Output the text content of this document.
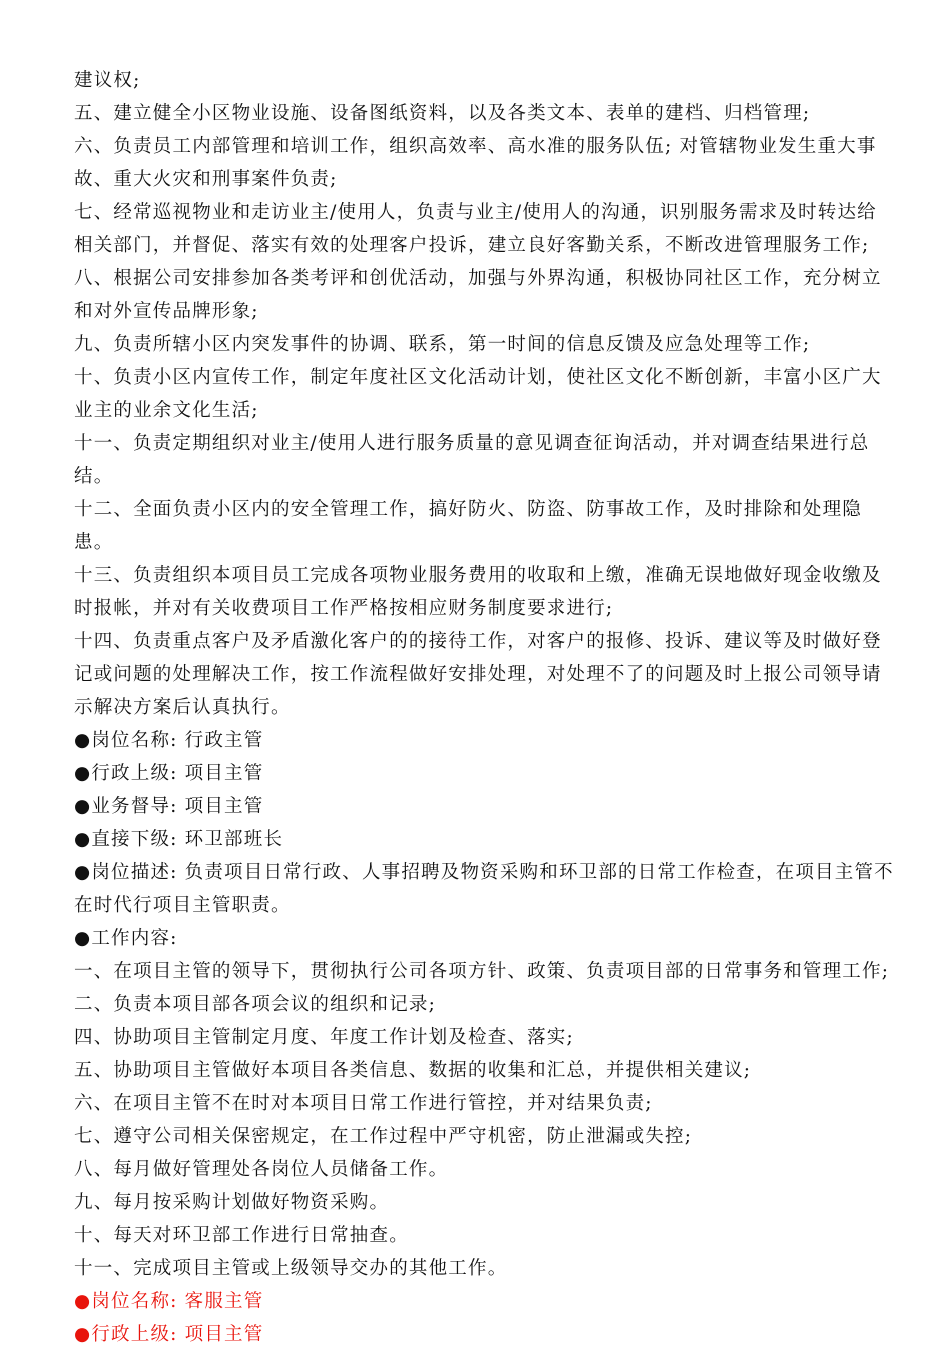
建议权;

五、建立健全小区物业设施、设备图纸资料，以及各类文本、表单的建档、归档管理;

六、负责员工内部管理和培训工作，组织高效率、高水准的服务队伍; 对管辖物业发生重大事故、重大火灾和刑事案件负责;

七、经常巡视物业和走访业主/使用人，负责与业主/使用人的沟通，识别服务需求及时转达给相关部门，并督促、落实有效的处理客户投诉，建立良好客勤关系，不断改进管理服务工作;

八、根据公司安排参加各类考评和创优活动，加强与外界沟通，积极协同社区工作，充分树立和对外宣传品牌形象;

九、负责所辖小区内突发事件的协调、联系，第一时间的信息反馈及应急处理等工作;

十、负责小区内宣传工作，制定年度社区文化活动计划，使社区文化不断创新，丰富小区广大业主的业余文化生活;

十一、负责定期组织对业主/使用人进行服务质量的意见调查征询活动，并对调查结果进行总结。

十二、全面负责小区内的安全管理工作，搞好防火、防盗、防事故工作，及时排除和处理隐患。

十三、负责组织本项目员工完成各项物业服务费用的收取和上缴，准确无误地做好现金收缴及时报帐，并对有关收费项目工作严格按相应财务制度要求进行;

十四、负责重点客户及矛盾激化客户的的接待工作，对客户的报修、投诉、建议等及时做好登记或问题的处理解决工作，按工作流程做好安排处理，对处理不了的问题及时上报公司领导请示解决方案后认真执行。

●岗位名称: 行政主管

●行政上级: 项目主管

●业务督导: 项目主管

●直接下级: 环卫部班长

●岗位描述: 负责项目日常行政、人事招聘及物资采购和环卫部的日常工作检查，在项目主管不在时代行项目主管职责。

●工作内容:

一、在项目主管的领导下，贯彻执行公司各项方针、政策、负责项目部的日常事务和管理工作;

二、负责本项目部各项会议的组织和记录;

四、协助项目主管制定月度、年度工作计划及检查、落实;

五、协助项目主管做好本项目各类信息、数据的收集和汇总，并提供相关建议;

六、在项目主管不在时对本项目日常工作进行管控，并对结果负责;

七、遵守公司相关保密规定，在工作过程中严守机密，防止泄漏或失控;

八、每月做好管理处各岗位人员储备工作。

九、每月按采购计划做好物资采购。

十、每天对环卫部工作进行日常抽查。

十一、完成项目主管或上级领导交办的其他工作。

●岗位名称: 客服主管

●行政上级: 项目主管
